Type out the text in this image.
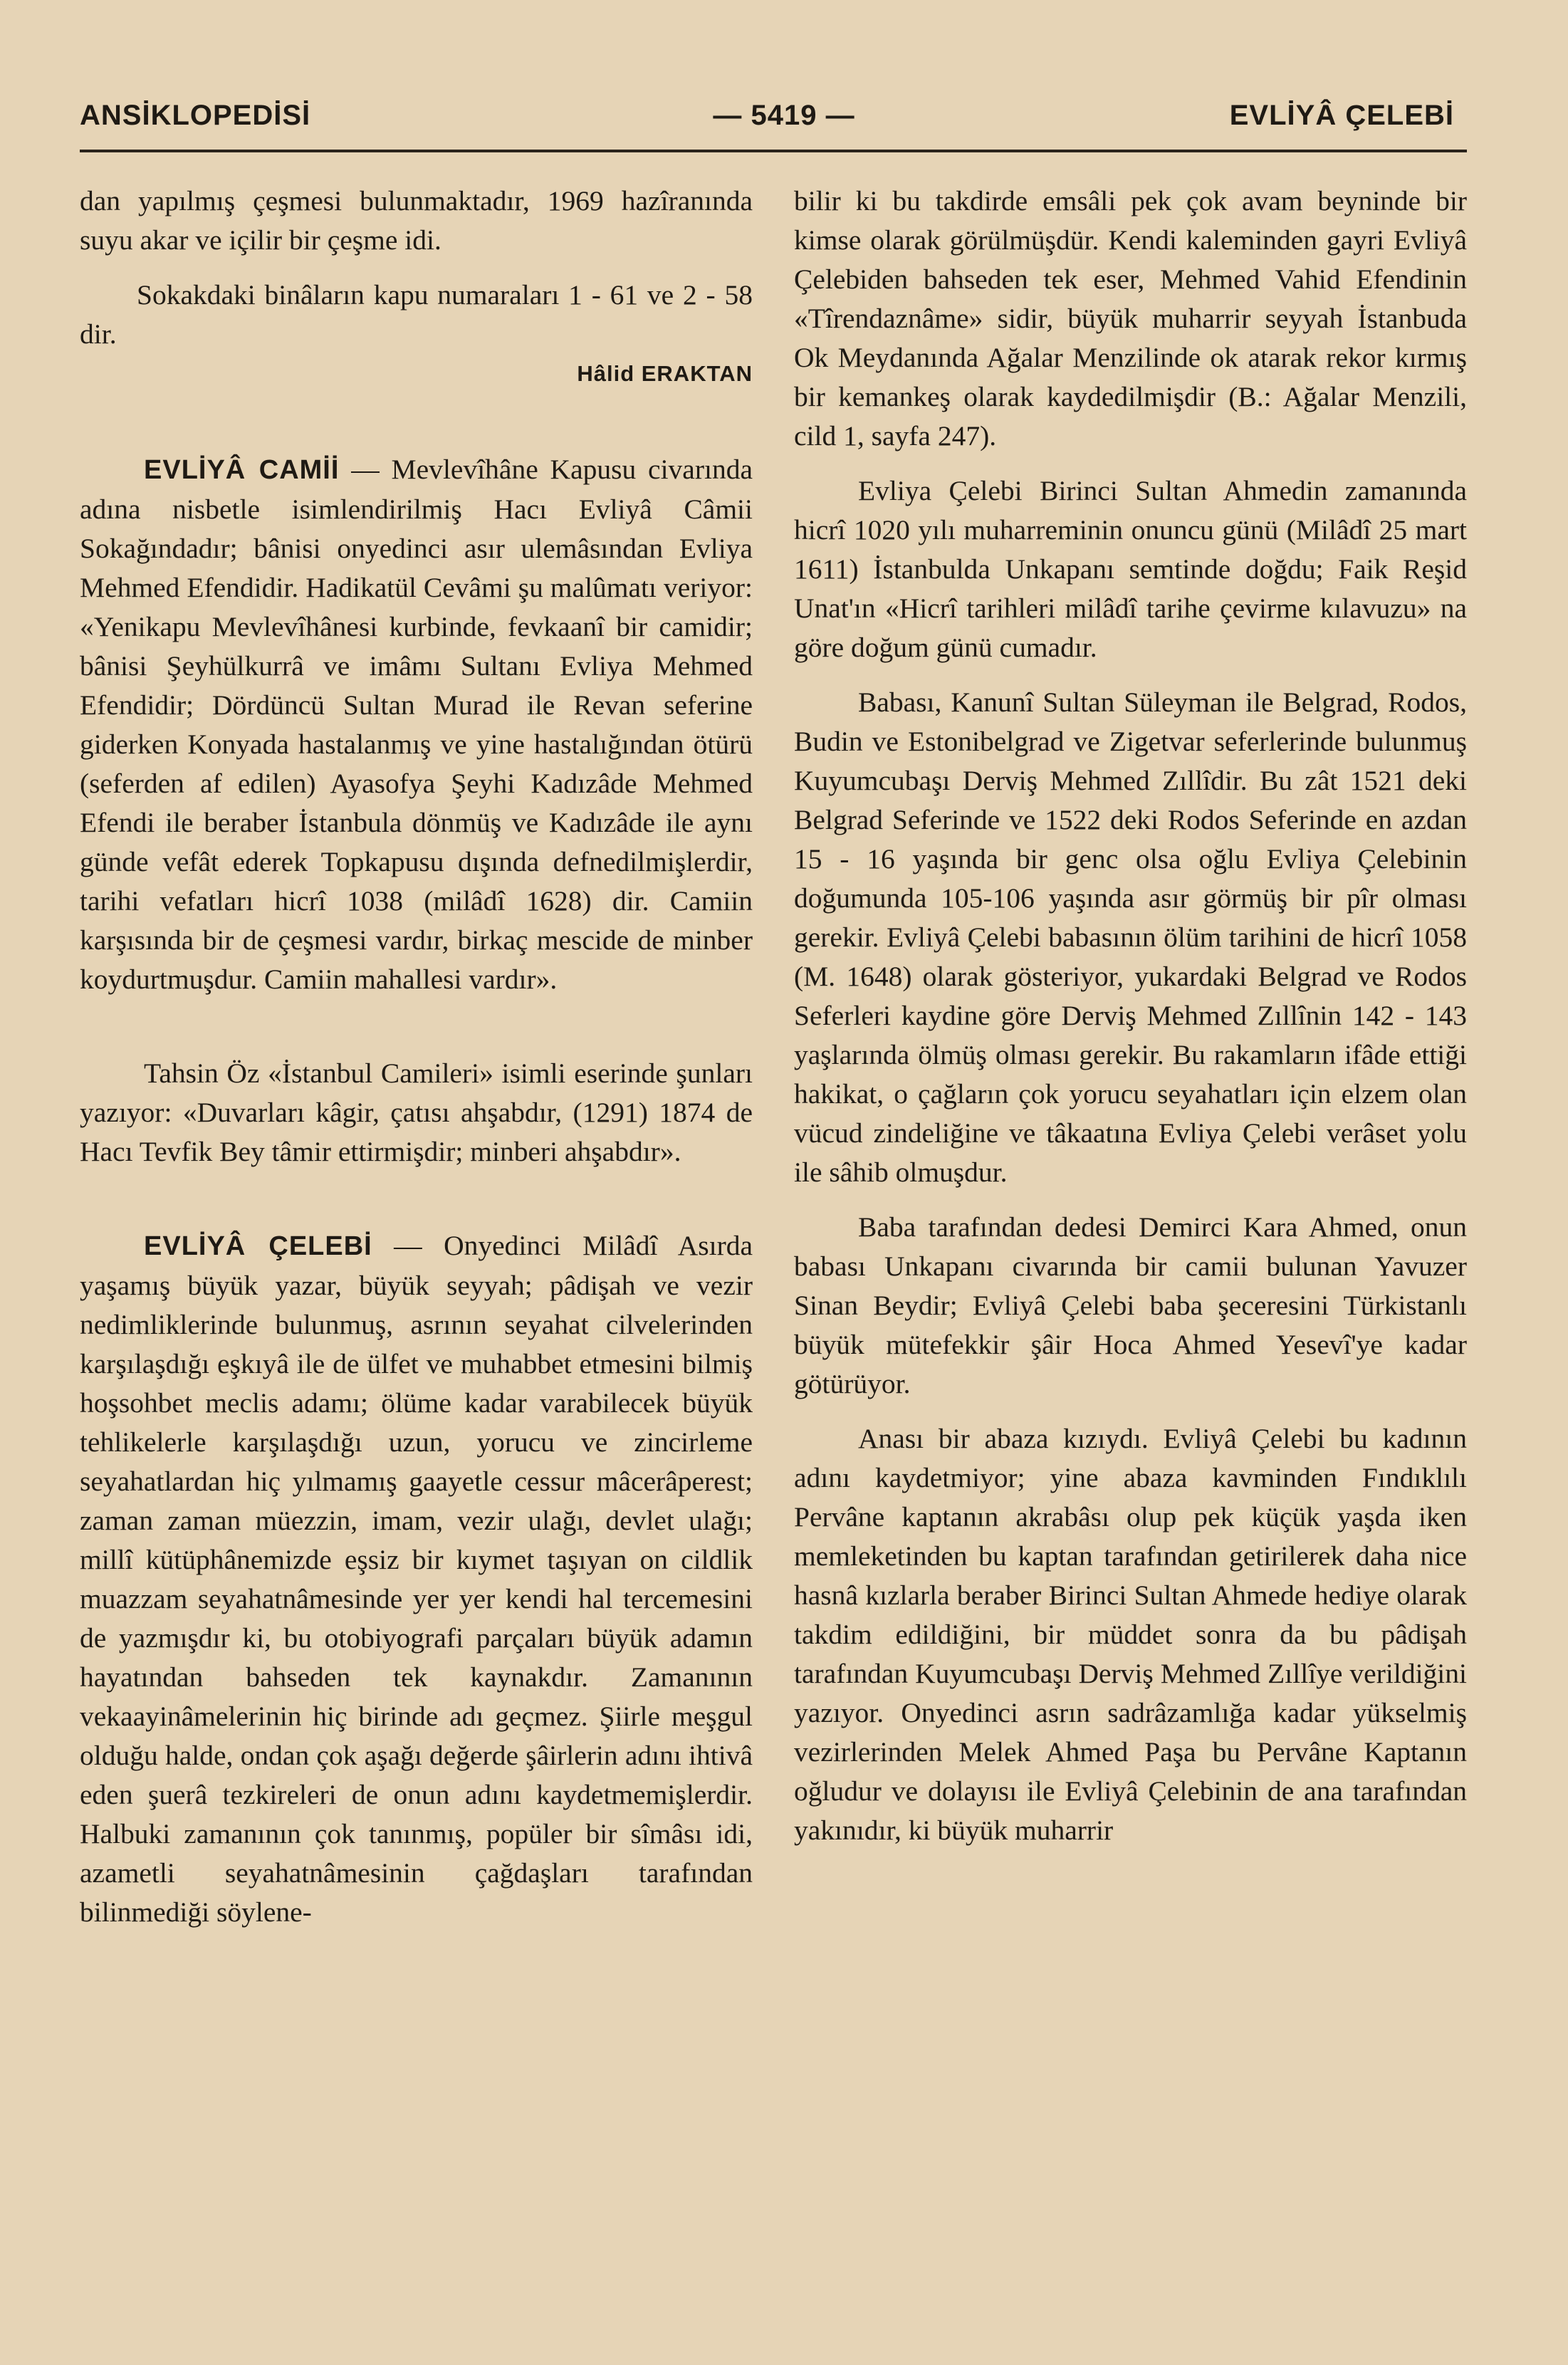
ANSİKLOPEDİSİ	— 5419 —	EVLİYÂ ÇELEBİ

dan yapılmış çeşmesi bulunmaktadır, 1969 hazîranında suyu akar ve içilir bir çeşme idi.

Sokakdaki binâların kapu numaraları 1 - 61 ve 2 - 58 dir.

Hâlid ERAKTAN

EVLİYÂ CAMİİ — Mevlevîhâne Kapusu civarında adına nisbetle isimlendirilmiş Hacı Evliyâ Câmii Sokağındadır; bânisi onyedinci asır ulemâsından Evliya Mehmed Efendidir. Hadikatül Cevâmi şu malûmatı veriyor: «Yenikapu Mevlevîhânesi kurbinde, fevkaanî bir camidir; bânisi Şeyhülkurrâ ve imâmı Sultanı Evliya Mehmed Efendidir; Dördüncü Sultan Murad ile Revan seferine giderken Konyada hastalanmış ve yine hastalığından ötürü (seferden af edilen) Ayasofya Şeyhi Kadızâde Mehmed Efendi ile beraber İstanbula dönmüş ve Kadızâde ile aynı günde vefât ederek Topkapusu dışında defnedilmişlerdir, tarihi vefatları hicrî 1038 (milâdî 1628) dir. Camiin karşısında bir de çeşmesi vardır, birkaç mescide de minber koydurtmuşdur. Camiin mahallesi vardır».

Tahsin Öz «İstanbul Camileri» isimli eserinde şunları yazıyor: «Duvarları kâgir, çatısı ahşabdır, (1291) 1874 de Hacı Tevfik Bey tâmir ettirmişdir; minberi ahşabdır».

EVLİYÂ ÇELEBİ — Onyedinci Milâdî Asırda yaşamış büyük yazar, büyük seyyah; pâdişah ve vezir nedimliklerinde bulunmuş, asrının seyahat cilvelerinden karşılaşdığı eşkıyâ ile de ülfet ve muhabbet etmesini bilmiş hoşsohbet meclis adamı; ölüme kadar varabilecek büyük tehlikelerle karşılaşdığı uzun, yorucu ve zincirleme seyahatlardan hiç yılmamış gaayetle cessur mâcerâperest; zaman zaman müezzin, imam, vezir ulağı, devlet ulağı; millî kütüphânemizde eşsiz bir kıymet taşıyan on cildlik muazzam seyahatnâmesinde yer yer kendi hal tercemesini de yazmışdır ki, bu otobiyografi parçaları büyük adamın hayatından bahseden tek kaynakdır. Zamanının vekaayinâmelerinin hiç birinde adı geçmez. Şiirle meşgul olduğu halde, ondan çok aşağı değerde şâirlerin adını ihtivâ eden şuerâ tezkireleri de onun adını kaydetmemişlerdir. Halbuki zamanının çok tanınmış, popüler bir sîmâsı idi, azametli seyahatnâmesinin çağdaşları tarafından bilinmediği söylene-

bilir ki bu takdirde emsâli pek çok avam beyninde bir kimse olarak görülmüşdür. Kendi kaleminden gayri Evliyâ Çelebiden bahseden tek eser, Mehmed Vahid Efendinin «Tîrendaznâme» sidir, büyük muharrir seyyah İstanbuda Ok Meydanında Ağalar Menzilinde ok atarak rekor kırmış bir kemankeş olarak kaydedilmişdir (B.: Ağalar Menzili, cild 1, sayfa 247).

Evliya Çelebi Birinci Sultan Ahmedin zamanında hicrî 1020 yılı muharreminin onuncu günü (Milâdî 25 mart 1611) İstanbulda Unkapanı semtinde doğdu; Faik Reşid Unat'ın «Hicrî tarihleri milâdî tarihe çevirme kılavuzu» na göre doğum günü cumadır.

Babası, Kanunî Sultan Süleyman ile Belgrad, Rodos, Budin ve Estonibelgrad ve Zigetvar seferlerinde bulunmuş Kuyumcubaşı Derviş Mehmed Zıllîdir. Bu zât 1521 deki Belgrad Seferinde ve 1522 deki Rodos Seferinde en azdan 15 - 16 yaşında bir genc olsa oğlu Evliya Çelebinin doğumunda 105-106 yaşında asır görmüş bir pîr olması gerekir. Evliyâ Çelebi babasının ölüm tarihini de hicrî 1058 (M. 1648) olarak gösteriyor, yukardaki Belgrad ve Rodos Seferleri kaydine göre Derviş Mehmed Zıllînin 142 - 143 yaşlarında ölmüş olması gerekir. Bu rakamların ifâde ettiği hakikat, o çağların çok yorucu seyahatları için elzem olan vücud zindeliğine ve tâkaatına Evliya Çelebi verâset yolu ile sâhib olmuşdur.

Baba tarafından dedesi Demirci Kara Ahmed, onun babası Unkapanı civarında bir camii bulunan Yavuzer Sinan Beydir; Evliyâ Çelebi baba şeceresini Türkistanlı büyük mütefekkir şâir Hoca Ahmed Yesevî'ye kadar götürüyor.

Anası bir abaza kızıydı. Evliyâ Çelebi bu kadının adını kaydetmiyor; yine abaza kavminden Fındıklılı Pervâne kaptanın akrabâsı olup pek küçük yaşda iken memleketinden bu kaptan tarafından getirilerek daha nice hasnâ kızlarla beraber Birinci Sultan Ahmede hediye olarak takdim edildiğini, bir müddet sonra da bu pâdişah tarafından Kuyumcubaşı Derviş Mehmed Zıllîye verildiğini yazıyor. Onyedinci asrın sadrâzamlığa kadar yükselmiş vezirlerinden Melek Ahmed Paşa bu Pervâne Kaptanın oğludur ve dolayısı ile Evliyâ Çelebinin de ana tarafından yakınıdır, ki büyük muharrir
